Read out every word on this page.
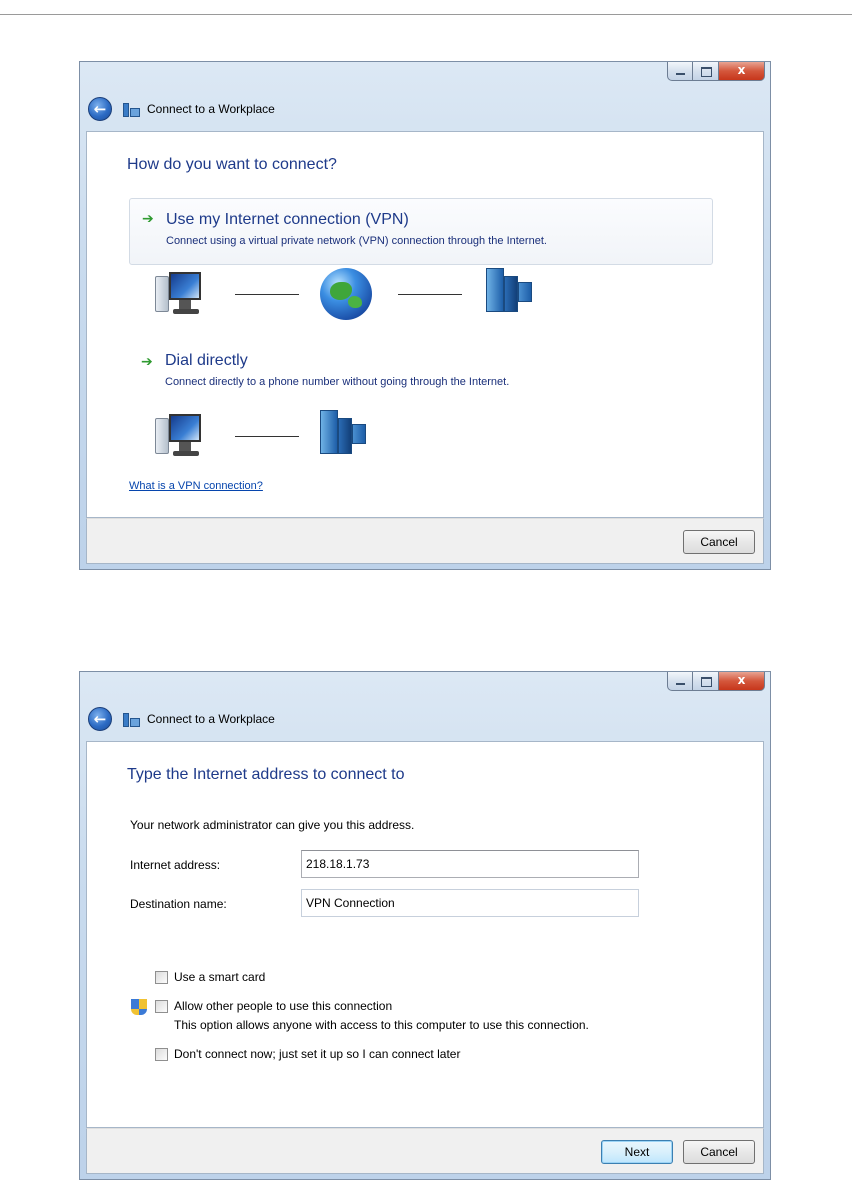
x
←	Connect to a Workplace
How do you want to connect?
➔ Use my Internet connection (VPN)
Connect using a virtual private network (VPN) connection through the Internet.
➔ Dial directly
Connect directly to a phone number without going through the Internet.
What is a VPN connection?
Cancel
x
←	Connect to a Workplace
Type the Internet address to connect to
Your network administrator can give you this address.
Internet address:
218.18.1.73
Destination name:
VPN Connection
Use a smart card
Allow other people to use this connection
This option allows anyone with access to this computer to use this connection.
Don't connect now; just set it up so I can connect later
Next	Cancel
